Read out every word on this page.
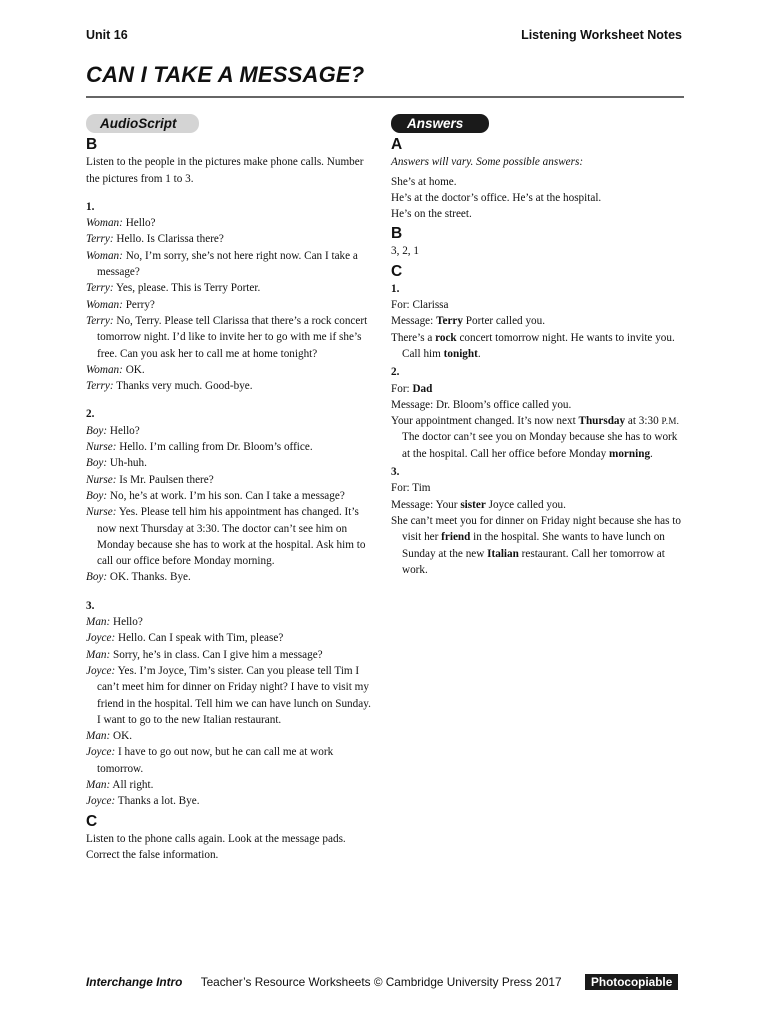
Unit 16	Listening Worksheet Notes
CAN I TAKE A MESSAGE?
AudioScript
B
Listen to the people in the pictures make phone calls. Number the pictures from 1 to 3.
1.
Woman: Hello?
Terry: Hello. Is Clarissa there?
Woman: No, I’m sorry, she’s not here right now. Can I take a message?
Terry: Yes, please. This is Terry Porter.
Woman: Perry?
Terry: No, Terry. Please tell Clarissa that there’s a rock concert tomorrow night. I’d like to invite her to go with me if she’s free. Can you ask her to call me at home tonight?
Woman: OK.
Terry: Thanks very much. Good-bye.
2.
Boy: Hello?
Nurse: Hello. I’m calling from Dr. Bloom’s office.
Boy: Uh-huh.
Nurse: Is Mr. Paulsen there?
Boy: No, he’s at work. I’m his son. Can I take a message?
Nurse: Yes. Please tell him his appointment has changed. It’s now next Thursday at 3:30. The doctor can’t see him on Monday because she has to work at the hospital. Ask him to call our office before Monday morning.
Boy: OK. Thanks. Bye.
3.
Man: Hello?
Joyce: Hello. Can I speak with Tim, please?
Man: Sorry, he’s in class. Can I give him a message?
Joyce: Yes. I’m Joyce, Tim’s sister. Can you please tell Tim I can’t meet him for dinner on Friday night? I have to visit my friend in the hospital. Tell him we can have lunch on Sunday. I want to go to the new Italian restaurant.
Man: OK.
Joyce: I have to go out now, but he can call me at work tomorrow.
Man: All right.
Joyce: Thanks a lot. Bye.
C
Listen to the phone calls again. Look at the message pads. Correct the false information.
Answers
A
Answers will vary. Some possible answers:
She’s at home.
He’s at the doctor’s office. He’s at the hospital.
He’s on the street.
B
3, 2, 1
C
1.
For: Clarissa
Message: Terry Porter called you.
There’s a rock concert tomorrow night. He wants to invite you. Call him tonight.
2.
For: Dad
Message: Dr. Bloom’s office called you.
Your appointment changed. It’s now next Thursday at 3:30 P.M. The doctor can’t see you on Monday because she has to work at the hospital. Call her office before Monday morning.
3.
For: Tim
Message: Your sister Joyce called you.
She can’t meet you for dinner on Friday night because she has to visit her friend in the hospital. She wants to have lunch on Sunday at the new Italian restaurant. Call her tomorrow at work.
Interchange Intro Teacher’s Resource Worksheets © Cambridge University Press 2017	Photocopiable
